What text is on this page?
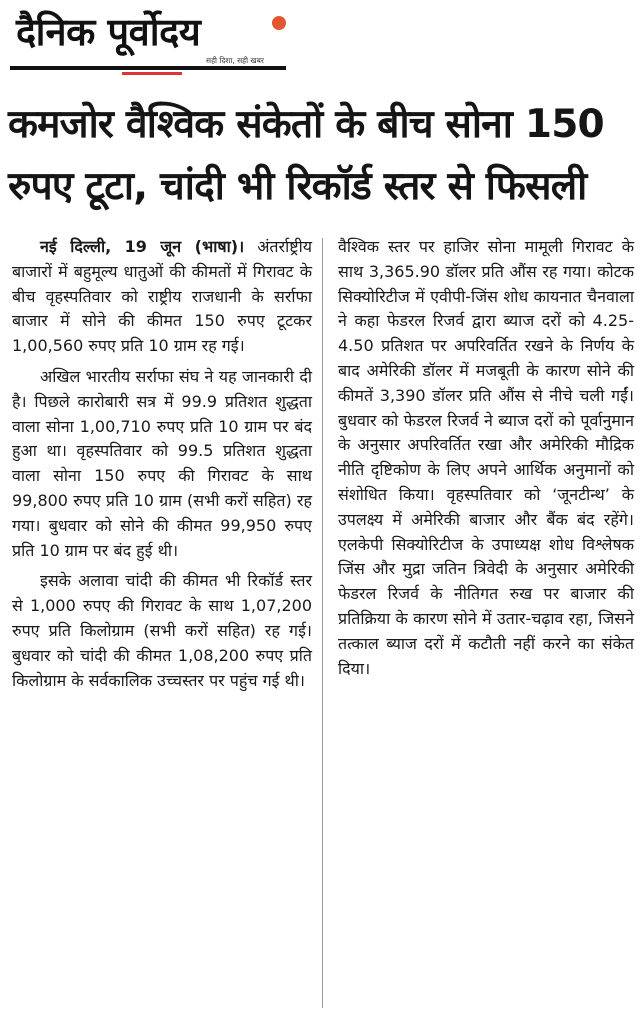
दैनिक पूर्वोदय
सही दिशा, सही खबर
कमजोर वैश्विक संकेतों के बीच सोना 150
रुपए टूटा, चांदी भी रिकॉर्ड स्तर से फिसली

नई दिल्ली, 19 जून (भाषा)। अंतर्राष्ट्रीय बाजारों में बहुमूल्य धातुओं की कीमतों में गिरावट के बीच वृहस्पतिवार को राष्ट्रीय राजधानी के सर्राफा बाजार में सोने की कीमत 150 रुपए टूटकर 1,00,560 रुपए प्रति 10 ग्राम रह गई।

अखिल भारतीय सर्राफा संघ ने यह जानकारी दी है। पिछले कारोबारी सत्र में 99.9 प्रतिशत शुद्धता वाला सोना 1,00,710 रुपए प्रति 10 ग्राम पर बंद हुआ था। वृहस्पतिवार को 99.5 प्रतिशत शुद्धता वाला सोना 150 रुपए की गिरावट के साथ 99,800 रुपए प्रति 10 ग्राम (सभी करों सहित) रह गया। बुधवार को सोने की कीमत 99,950 रुपए प्रति 10 ग्राम पर बंद हुई थी।

इसके अलावा चांदी की कीमत भी रिकॉर्ड स्तर से 1,000 रुपए की गिरावट के साथ 1,07,200 रुपए प्रति किलोग्राम (सभी करों सहित) रह गई। बुधवार को चांदी की कीमत 1,08,200 रुपए प्रति किलोग्राम के सर्वकालिक उच्चस्तर पर पहुंच गई थी।

वैश्विक स्तर पर हाजिर सोना मामूली गिरावट के साथ 3,365.90 डॉलर प्रति औंस रह गया। कोटक सिक्योरिटीज में एवीपी-जिंस शोध कायनात चैनवाला ने कहा फेडरल रिजर्व द्वारा ब्याज दरों को 4.25-4.50 प्रतिशत पर अपरिवर्तित रखने के निर्णय के बाद अमेरिकी डॉलर में मजबूती के कारण सोने की कीमतें 3,390 डॉलर प्रति औंस से नीचे चली गईं। बुधवार को फेडरल रिजर्व ने ब्याज दरों को पूर्वानुमान के अनुसार अपरिवर्तित रखा और अमेरिकी मौद्रिक नीति दृष्टिकोण के लिए अपने आर्थिक अनुमानों को संशोधित किया। वृहस्पतिवार को ‘जूनटीन्थ’ के उपलक्ष्य में अमेरिकी बाजार और बैंक बंद रहेंगे। एलकेपी सिक्योरिटीज के उपाध्यक्ष शोध विश्लेषक जिंस और मुद्रा जतिन त्रिवेदी के अनुसार अमेरिकी फेडरल रिजर्व के नीतिगत रुख पर बाजार की प्रतिक्रिया के कारण सोने में उतार-चढ़ाव रहा, जिसने तत्काल ब्याज दरों में कटौती नहीं करने का संकेत दिया।
